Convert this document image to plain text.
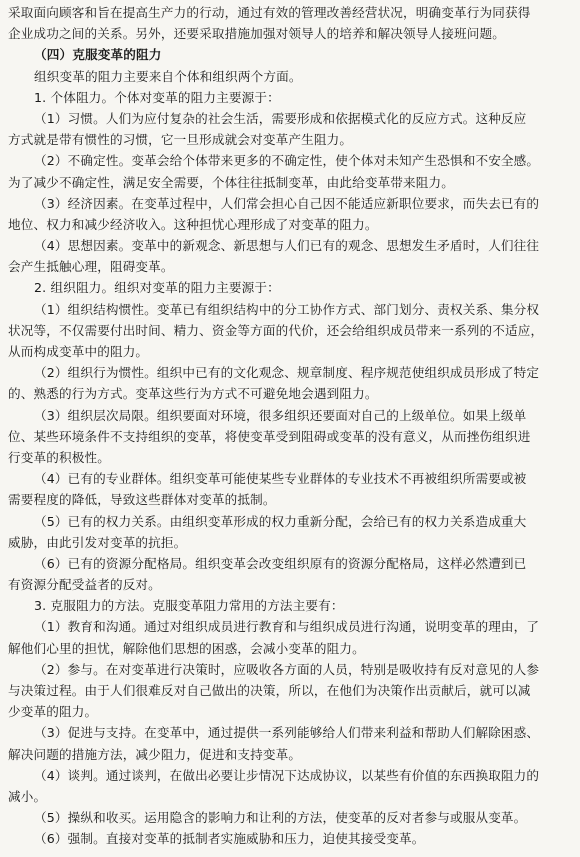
采取面向顾客和旨在提高生产力的行动，通过有效的管理改善经营状况，明确变革行为同获得

企业成功之间的关系。另外，还要采取措施加强对领导人的培养和解决领导人接班问题。

（四）克服变革的阻力

组织变革的阻力主要来自个体和组织两个方面。

1. 个体阻力。个体对变革的阻力主要源于：

（1）习惯。人们为应付复杂的社会生活，需要形成和依据模式化的反应方式。这种反应

方式就是带有惯性的习惯，它一旦形成就会对变革产生阻力。

（2）不确定性。变革会给个体带来更多的不确定性，使个体对未知产生恐惧和不安全感。

为了减少不确定性，满足安全需要，个体往往抵制变革，由此给变革带来阻力。

（3）经济因素。在变革过程中，人们常会担心自己因不能适应新职位要求，而失去已有的

地位、权力和减少经济收入。这种担忧心理形成了对变革的阻力。

（4）思想因素。变革中的新观念、新思想与人们已有的观念、思想发生矛盾时，人们往往

会产生抵触心理，阻碍变革。

2. 组织阻力。组织对变革的阻力主要源于：

（1）组织结构惯性。变革已有组织结构中的分工协作方式、部门划分、责权关系、集分权

状况等，不仅需要付出时间、精力、资金等方面的代价，还会给组织成员带来一系列的不适应，

从而构成变革中的阻力。

（2）组织行为惯性。组织中已有的文化观念、规章制度、程序规范使组织成员形成了特定

的、熟悉的行为方式。变革这些行为方式不可避免地会遇到阻力。

（3）组织层次局限。组织要面对环境，很多组织还要面对自己的上级单位。如果上级单

位、某些环境条件不支持组织的变革，将使变革受到阻碍或变革的没有意义，从而挫伤组织进

行变革的积极性。

（4）已有的专业群体。组织变革可能使某些专业群体的专业技术不再被组织所需要或被

需要程度的降低，导致这些群体对变革的抵制。

（5）已有的权力关系。由组织变革形成的权力重新分配，会给已有的权力关系造成重大

威胁，由此引发对变革的抗拒。

（6）已有的资源分配格局。组织变革会改变组织原有的资源分配格局，这样必然遭到已

有资源分配受益者的反对。

3. 克服阻力的方法。克服变革阻力常用的方法主要有：

（1）教育和沟通。通过对组织成员进行教育和与组织成员进行沟通，说明变革的理由，了

解他们心里的担忧，解除他们思想的困惑，会减小变革的阻力。

（2）参与。在对变革进行决策时，应吸收各方面的人员，特别是吸收持有反对意见的人参

与决策过程。由于人们很难反对自己做出的决策，所以，在他们为决策作出贡献后，就可以减

少变革的阻力。

（3）促进与支持。在变革中，通过提供一系列能够给人们带来利益和帮助人们解除困惑、

解决问题的措施方法，减少阻力，促进和支持变革。

（4）谈判。通过谈判，在做出必要让步情况下达成协议，以某些有价值的东西换取阻力的

减小。

（5）操纵和收买。运用隐含的影响力和让利的方法，使变革的反对者参与或服从变革。

（6）强制。直接对变革的抵制者实施威胁和压力，迫使其接受变革。
